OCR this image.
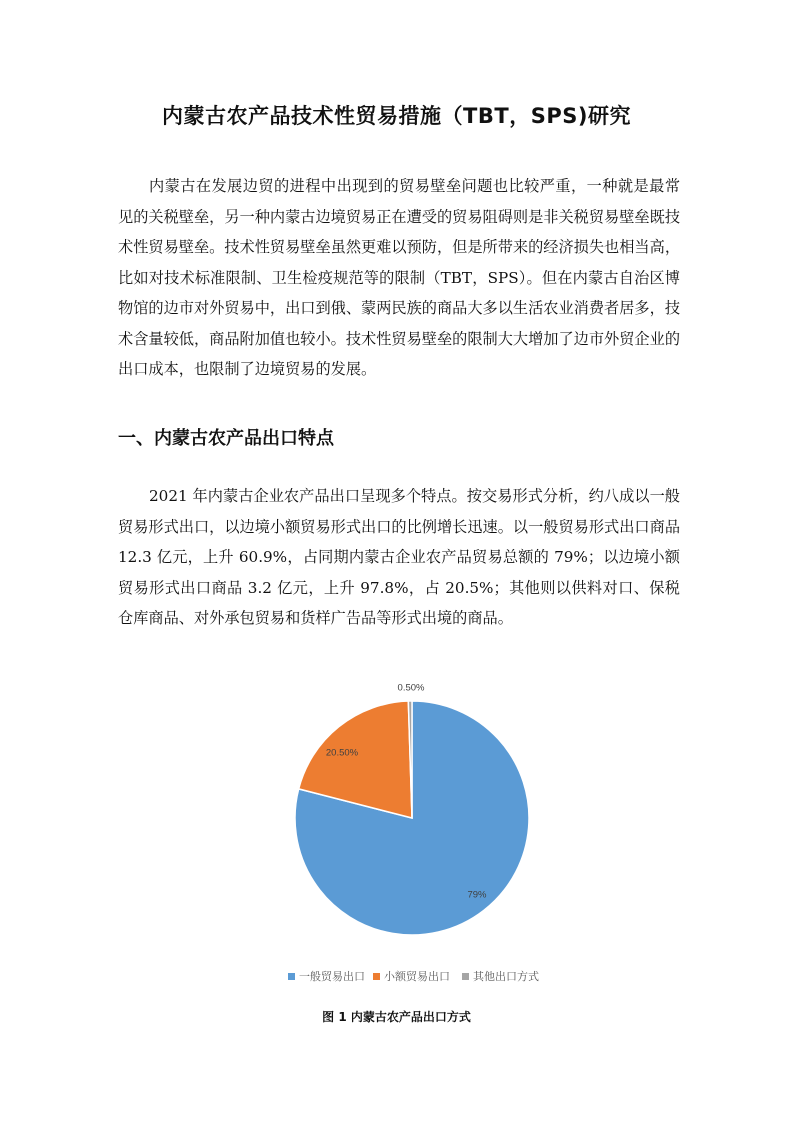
内蒙古农产品技术性贸易措施（TBT，SPS)研究
内蒙古在发展边贸的进程中出现到的贸易壁垒问题也比较严重，一种就是最常见的关税壁垒，另一种内蒙古边境贸易正在遭受的贸易阻碍则是非关税贸易壁垒既技术性贸易壁垒。技术性贸易壁垒虽然更难以预防，但是所带来的经济损失也相当高，比如对技术标准限制、卫生检疫规范等的限制（TBT，SPS）。但在内蒙古自治区博物馆的边市对外贸易中，出口到俄、蒙两民族的商品大多以生活农业消费者居多，技术含量较低，商品附加值也较小。技术性贸易壁垒的限制大大增加了边市外贸企业的出口成本，也限制了边境贸易的发展。
一、内蒙古农产品出口特点
2021 年内蒙古企业农产品出口呈现多个特点。按交易形式分析，约八成以一般贸易形式出口，以边境小额贸易形式出口的比例增长迅速。以一般贸易形式出口商品 12.3 亿元，上升 60.9%，占同期内蒙古企业农产品贸易总额的 79%；以边境小额贸易形式出口商品 3.2 亿元，上升 97.8%，占 20.5%；其他则以供料对口、保税仓库商品、对外承包贸易和货样广告品等形式出境的商品。
79%
20.50%
0.50%
一般贸易出口 小额贸易出口 其他出口方式
图 1 内蒙古农产品出口方式
